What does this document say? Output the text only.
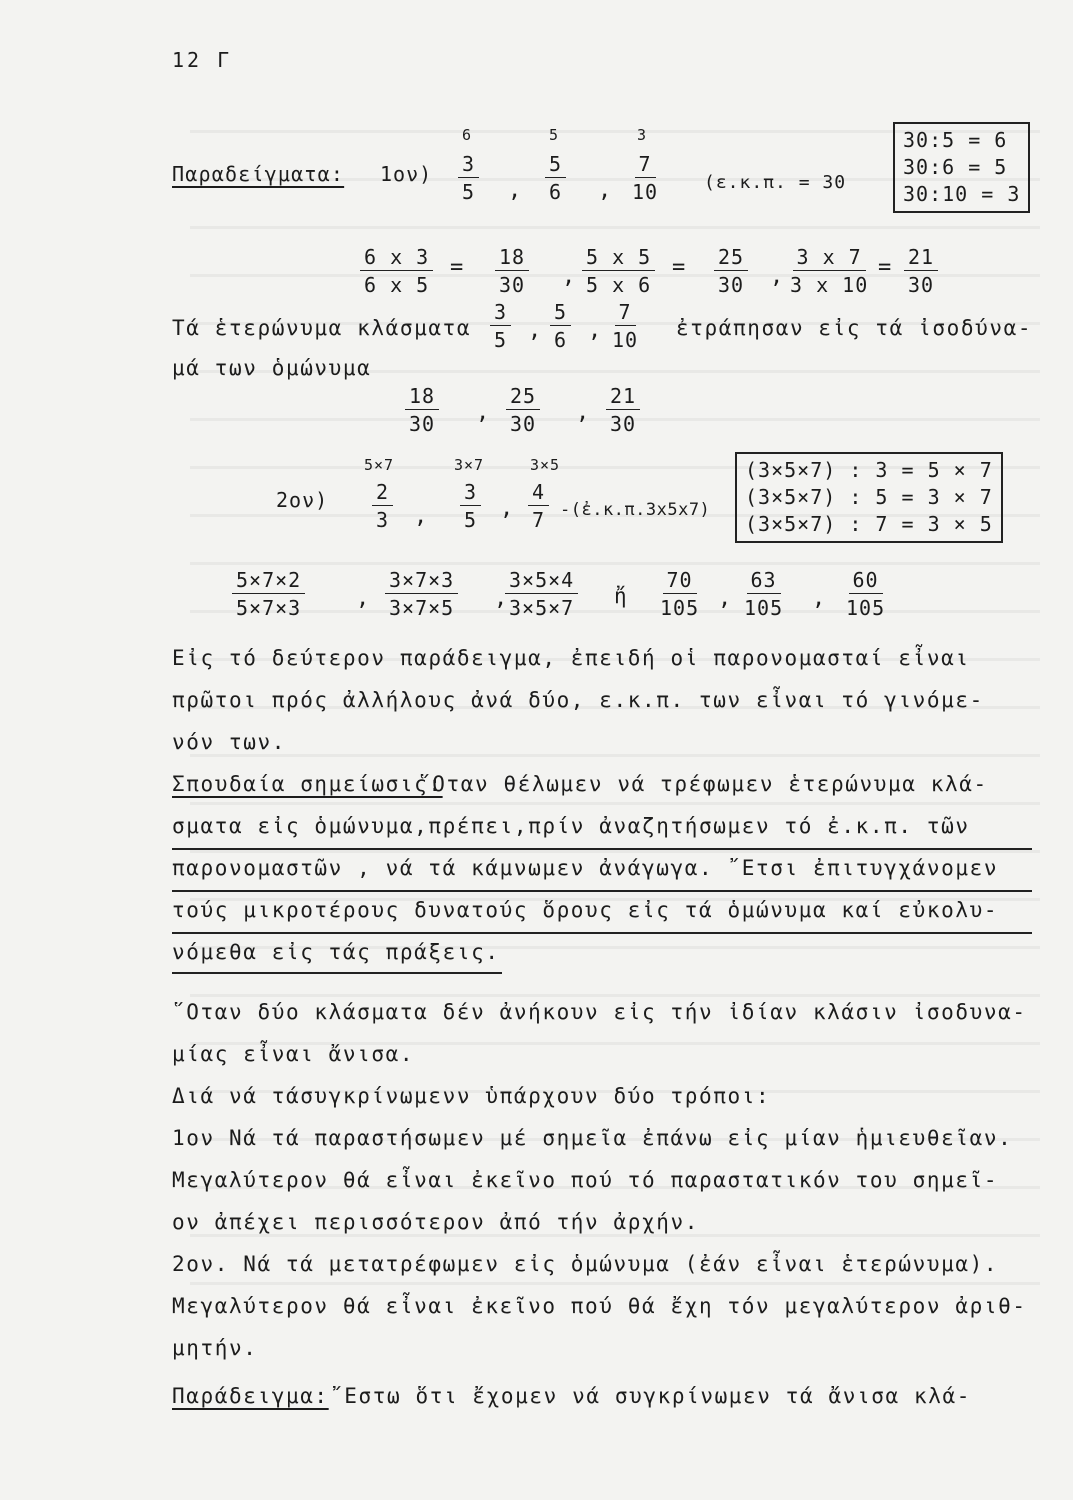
12 Γ
Παραδείγματα: 1ον)
6	5	3
$\frac{3}{5}$ , $\frac{5}{6}$ , $\frac{7}{10} (\varepsilon.\kappa.\pi$. = 30
30:5 = 6
30:6 = 5
30:10 = 3
$\frac{6 x 3}{6 x 5} = \frac{18}{30}$ , $\frac{5 x 5}{5 x 6} = \frac{25}{30}$ , $\frac{3 x 7}{3 x 10} = \frac{21}{30}$
Τά ἑτερώνυμα κλάσματα $\frac{3}{5}$ , $\frac{5}{6}$ , $\frac{7}{10}$ ἐτράπησαν εἰς τά ἰσοδύνα-
μά των ὁμώνυμα
$\frac{18}{30}$ , $\frac{25}{30}$ , $\frac{21}{30}$
2ον)
5×7	3×7	3×5
$\frac{2}{3}$ , $\frac{3}{5}$ , $\frac{4}{7}$ -(ἐ.κ.π.3x5x7)
(3×5×7) : 3 = 5 × 7
(3×5×7) : 5 = 3 × 7
(3×5×7) : 7 = 3 × 5
$\frac{5\times 7\times 2}{5\times 7\times 3}$ , $\frac{3\times 7\times 3}{3\times 7\times 5}$ ,
$\frac{3\times 5\times 4}{3\times 5\times 7}$ ἤ $\frac{70}{105}$ , $\frac{63}{105}$ , $\frac{60}{105}$
Εἰς τό δεύτερον παράδειγμα, ἐπειδή οἱ παρονομασταί εἶναι
πρῶτοι πρός ἀλλήλους ἀνά δύο, ε.κ.π. των εἶναι τό γινόμε-
νόν των.
Σπουδαία σημείωσις:
῞Οταν θέλωμεν νά τρέφωμεν ἑτερώνυμα κλά-
σματα εἰς ὁμώνυμα,πρέπει,πρίν ἀναζητήσωμεν τό ἐ.κ.π. τῶν
παρονομαστῶν , νά τά κάμνωμεν ἀνάγωγα. ῎Ετσι ἐπιτυγχάνομεν
τούς μικροτέρους δυνατούς ὅρους εἰς τά ὁμώνυμα καί εὐκολυ-
νόμεθα εἰς τάς πράξεις.
῞Οταν δύο κλάσματα δέν ἀνήκουν εἰς τήν ἰδίαν κλάσιν ἰσοδυνα-
μίας εἶναι ἄνισα.
Διά νά τάσυγκρίνωμενν ὑπάρχουν δύο τρόποι:
1ον Νά τά παραστήσωμεν μέ σημεῖα ἐπάνω εἰς μίαν ἡμιευθεῖαν.
Μεγαλύτερον θά εἶναι ἐκεῖνο πού τό παραστατικόν του σημεῖ-
ον ἀπέχει περισσότερον ἀπό τήν ἀρχήν.
2ον. Νά τά μετατρέφωμεν εἰς ὁμώνυμα (ἐάν εἶναι ἑτερώνυμα).
Μεγαλύτερον θά εἶναι ἐκεῖνο πού θά ἔχη τόν μεγαλύτερον ἀριθ-
μητήν.
Παράδειγμα: ῎Εστω ὅτι ἔχομεν νά συγκρίνωμεν τά ἄνισα κλά-
